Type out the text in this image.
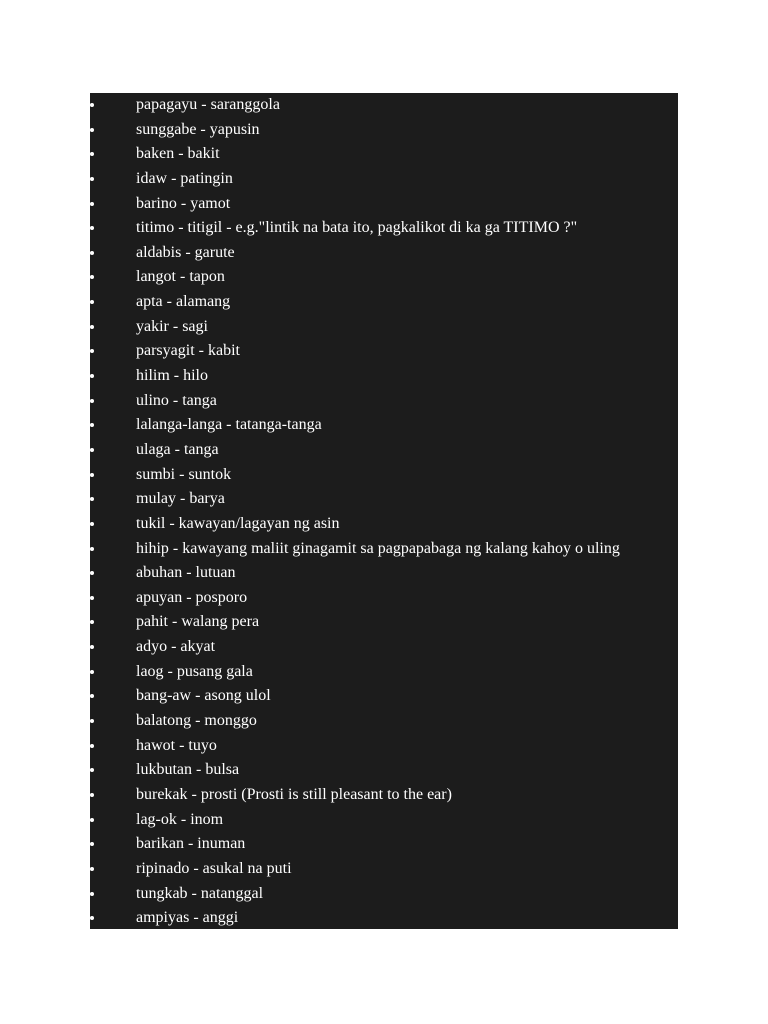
papagayu - saranggola
sunggabe - yapusin
baken - bakit
idaw - patingin
barino - yamot
titimo - titigil - e.g."lintik na bata ito, pagkalikot di ka ga TITIMO ?"
aldabis - garute
langot - tapon
apta - alamang
yakir - sagi
parsyagit - kabit
hilim - hilo
ulino - tanga
lalanga-langa - tatanga-tanga
ulaga - tanga
sumbi - suntok
mulay - barya
tukil - kawayan/lagayan ng asin
hihip - kawayang maliit ginagamit sa pagpapabaga ng kalang kahoy o uling
abuhan - lutuan
apuyan - posporo
pahit - walang pera
adyo - akyat
laog - pusang gala
bang-aw - asong ulol
balatong - monggo
hawot - tuyo
lukbutan - bulsa
burekak - prosti (Prosti is still pleasant to the ear)
lag-ok - inom
barikan - inuman
ripinado - asukal na puti
tungkab - natanggal
ampiyas - anggi
